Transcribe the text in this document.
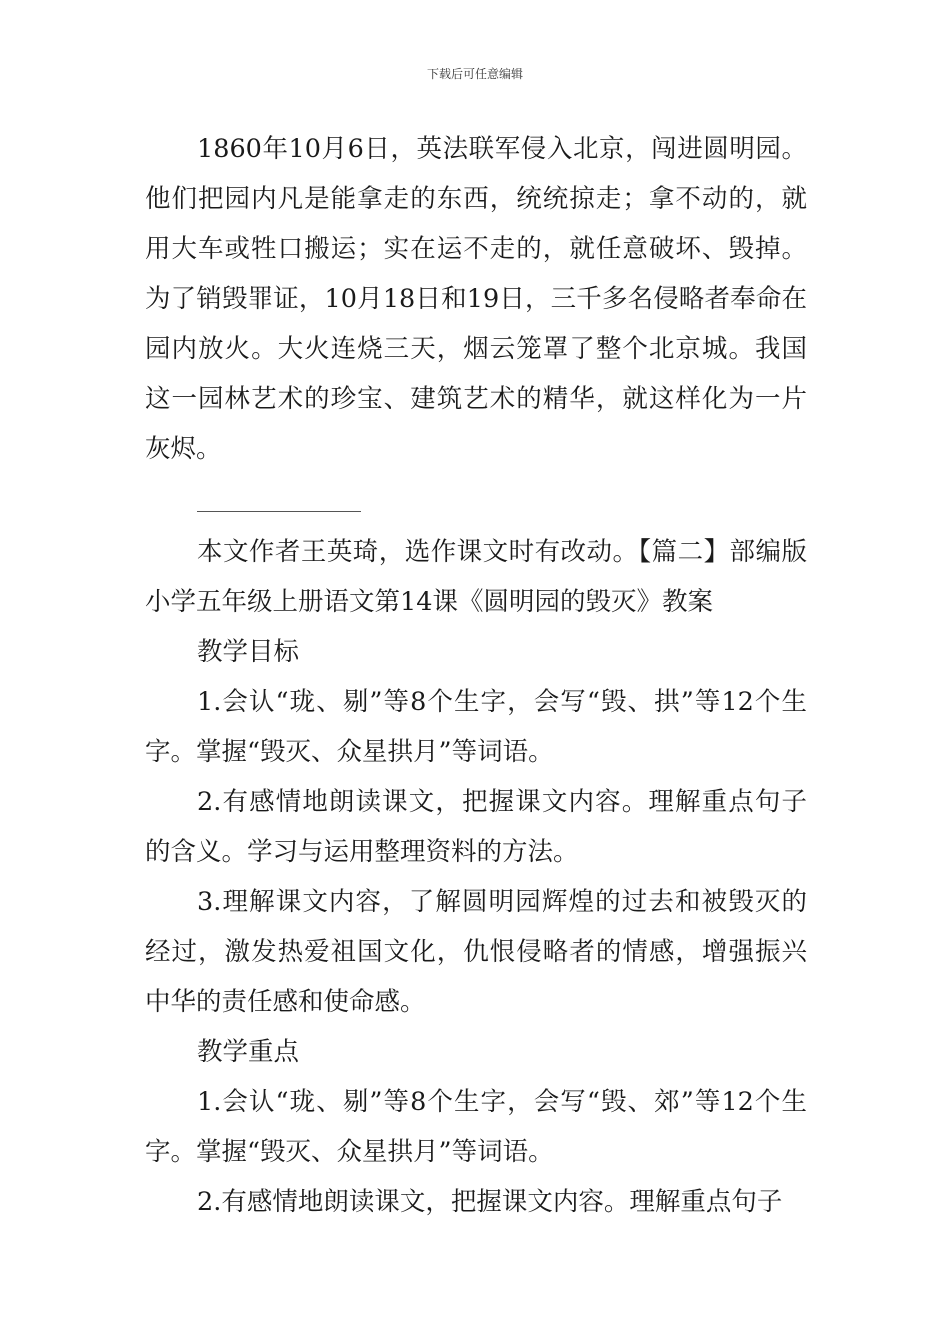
下载后可任意编辑

1860年10月6日，英法联军侵入北京，闯进圆明园。他们把园内凡是能拿走的东西，统统掠走；拿不动的，就用大车或牲口搬运；实在运不走的，就任意破坏、毁掉。为了销毁罪证，10月18日和19日，三千多名侵略者奉命在园内放火。大火连烧三天，烟云笼罩了整个北京城。我国这一园林艺术的珍宝、建筑艺术的精华，就这样化为一片灰烬。

本文作者王英琦，选作课文时有改动。【篇二】部编版小学五年级上册语文第14课《圆明园的毁灭》教案

教学目标

1.会认“珑、剔”等8个生字，会写“毁、拱”等12个生字。掌握“毁灭、众星拱月”等词语。

2.有感情地朗读课文，把握课文内容。理解重点句子的含义。学习与运用整理资料的方法。

3.理解课文内容，了解圆明园辉煌的过去和被毁灭的经过，激发热爱祖国文化，仇恨侵略者的情感，增强振兴中华的责任感和使命感。

教学重点

1.会认“珑、剔”等8个生字，会写“毁、郊”等12个生字。掌握“毁灭、众星拱月”等词语。

2.有感情地朗读课文，把握课文内容。理解重点句子
